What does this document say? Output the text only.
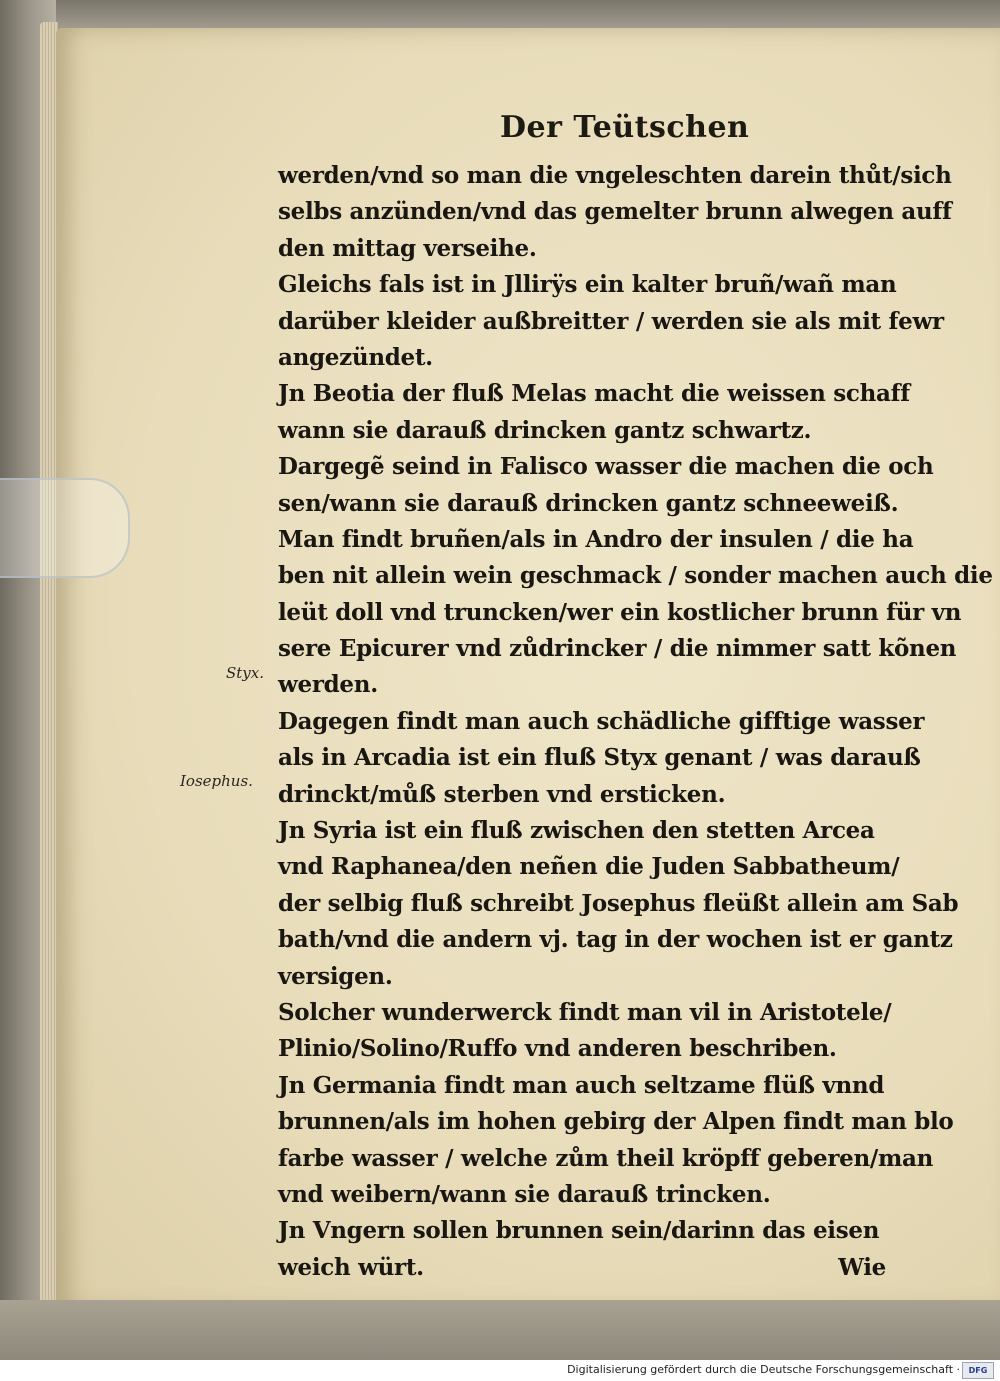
Der Teütschen
Styx.
Iosephus.
werden/vnd so man die vngeleschten darein thůt/sich
selbs anzünden/vnd das gemelter brunn alwegen auff
den mittag verseihe.
Gleichs fals ist in Jllirÿs ein kalter bruñ/wañ man
darüber kleider außbreitter / werden sie als mit fewr
angezündet.
Jn Beotia der fluß Melas macht die weissen schaff
wann sie darauß drincken gantz schwartz.
Dargegẽ seind in Falisco wasser die machen die och
sen/wann sie darauß drincken gantz schneeweiß.
Man findt bruñen/als in Andro der insulen / die ha
ben nit allein wein geschmack / sonder machen auch die
leüt doll vnd truncken/wer ein kostlicher brunn für vn
sere Epicurer vnd zůdrincker / die nimmer satt kõnen
werden.
Dagegen findt man auch schädliche gifftige wasser
als in Arcadia ist ein fluß Styx genant / was darauß
drinckt/můß sterben vnd ersticken.
Jn Syria ist ein fluß zwischen den stetten Arcea
vnd Raphanea/den neñen die Juden Sabbatheum/
der selbig fluß schreibt Josephus fleüßt allein am Sab
bath/vnd die andern vj. tag in der wochen ist er gantz
versigen.
Solcher wunderwerck findt man vil in Aristotele/
Plinio/Solino/Ruffo vnd anderen beschriben.
Jn Germania findt man auch seltzame flüß vnnd
brunnen/als im hohen gebirg der Alpen findt man blo
farbe wasser / welche zům theil kröpff geberen/man
vnd weibern/wann sie darauß trincken.
Jn Vngern sollen brunnen sein/darinn das eisen
weich würt.	Wie
Digitalisierung gefördert durch die Deutsche Forschungsgemeinschaft ·	DFG
